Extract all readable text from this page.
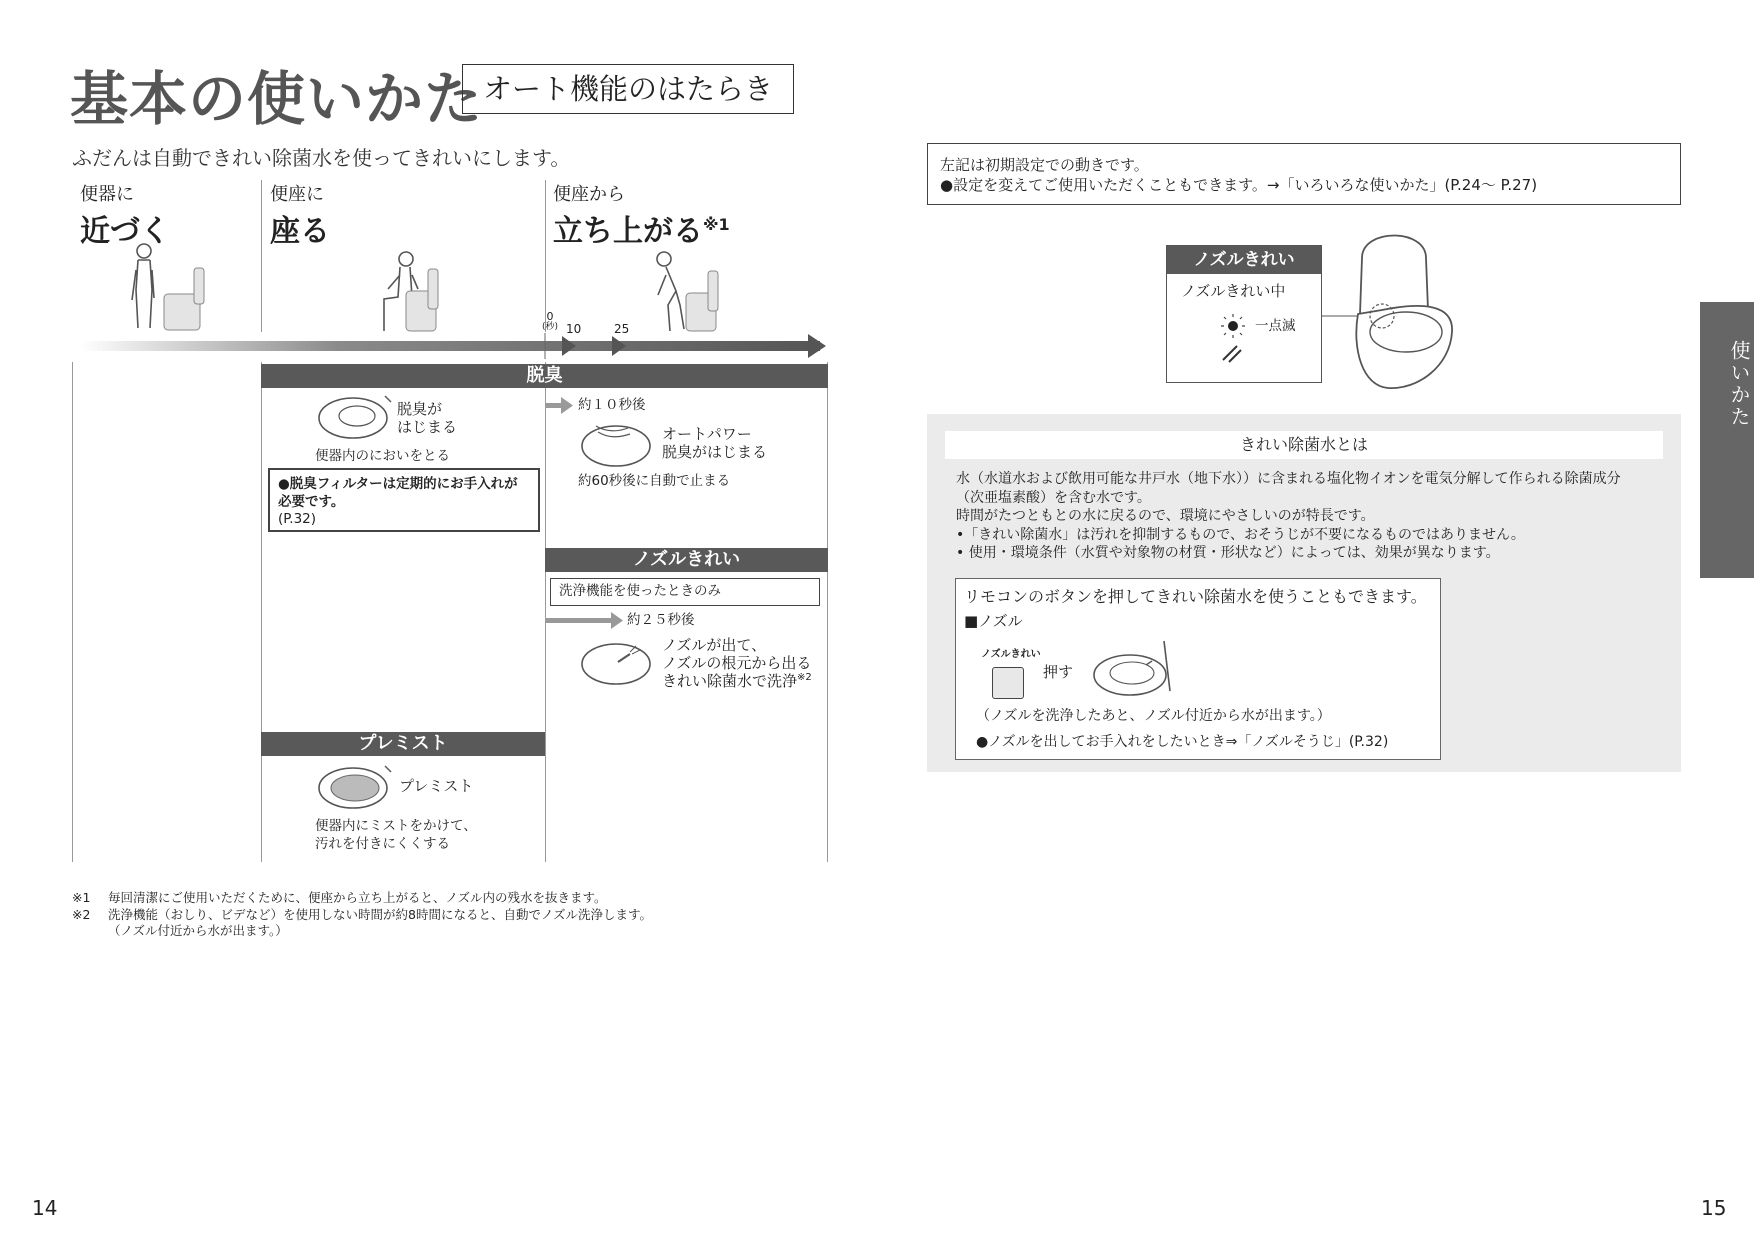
基本の使いかた オート機能のはたらき
ふだんは自動できれい除菌水を使ってきれいにします。
便器に
近づく
便座に
座る
便座から
立ち上がる$^{※1}$
0
(秒) 10	25
脱臭
脱臭が
はじまる
便器内のにおいをとる
●脱臭フィルターは定期的にお手入れが
必要です。
(P.32)
約１０秒後
オートパワー
脱臭がはじまる
約60秒後に自動で止まる
ノズルきれい
洗浄機能を使ったときのみ
約２５秒後
ノズルが出て、
ノズルの根元から出る
きれい除菌水で洗浄$^{※2}$
プレミスト
プレミスト
便器内にミストをかけて、
汚れを付きにくくする
※1 毎回清潔にご使用いただくために、便座から立ち上がると、ノズル内の残水を抜きます。
※2 洗浄機能（おしり、ビデなど）を使用しない時間が約8時間になると、自動でノズル洗浄します。
（ノズル付近から水が出ます。）
14
左記は初期設定での動きです。
●設定を変えてご使用いただくこともできます。→「いろいろな使いかた」(P.24～ P.27)
ノズルきれい
ノズルきれい中
一点滅
きれい除菌水とは
水（水道水および飲用可能な井戸水（地下水））に含まれる塩化物イオンを電気分解して作られる除菌成分
（次亜塩素酸）を含む水です。
時間がたつともとの水に戻るので、環境にやさしいのが特長です。
•「きれい除菌水」は汚れを抑制するもので、おそうじが不要になるものではありません。
• 使用・環境条件（水質や対象物の材質・形状など）によっては、効果が異なります。
リモコンのボタンを押してきれい除菌水を使うこともできます。
■ノズル
ノズルきれい
押す
（ノズルを洗浄したあと、ノズル付近から水が出ます。）
●ノズルを出してお手入れをしたいとき⇒「ノズルそうじ」(P.32)
使いかた
15
